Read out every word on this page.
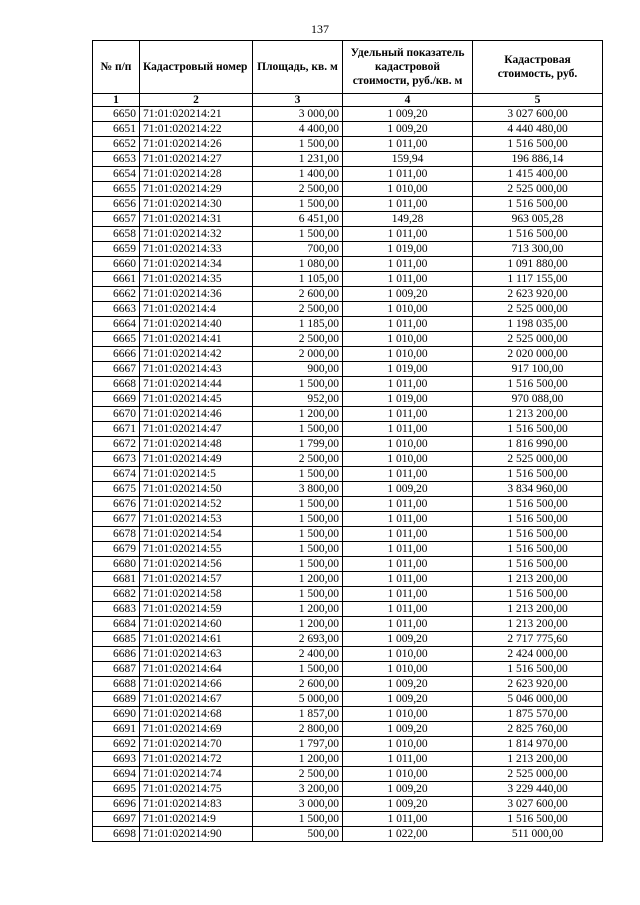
137
№ п/п	Кадастровый номер	Площадь, кв. м	Удельный показатель кадастровой стоимости, руб./кв. м	Кадастровая стоимость, руб.
1	2	3	4	5
6650	71:01:020214:21	3 000,00	1 009,20	3 027 600,00
6651	71:01:020214:22	4 400,00	1 009,20	4 440 480,00
6652	71:01:020214:26	1 500,00	1 011,00	1 516 500,00
6653	71:01:020214:27	1 231,00	159,94	196 886,14
6654	71:01:020214:28	1 400,00	1 011,00	1 415 400,00
6655	71:01:020214:29	2 500,00	1 010,00	2 525 000,00
6656	71:01:020214:30	1 500,00	1 011,00	1 516 500,00
6657	71:01:020214:31	6 451,00	149,28	963 005,28
6658	71:01:020214:32	1 500,00	1 011,00	1 516 500,00
6659	71:01:020214:33	700,00	1 019,00	713 300,00
6660	71:01:020214:34	1 080,00	1 011,00	1 091 880,00
6661	71:01:020214:35	1 105,00	1 011,00	1 117 155,00
6662	71:01:020214:36	2 600,00	1 009,20	2 623 920,00
6663	71:01:020214:4	2 500,00	1 010,00	2 525 000,00
6664	71:01:020214:40	1 185,00	1 011,00	1 198 035,00
6665	71:01:020214:41	2 500,00	1 010,00	2 525 000,00
6666	71:01:020214:42	2 000,00	1 010,00	2 020 000,00
6667	71:01:020214:43	900,00	1 019,00	917 100,00
6668	71:01:020214:44	1 500,00	1 011,00	1 516 500,00
6669	71:01:020214:45	952,00	1 019,00	970 088,00
6670	71:01:020214:46	1 200,00	1 011,00	1 213 200,00
6671	71:01:020214:47	1 500,00	1 011,00	1 516 500,00
6672	71:01:020214:48	1 799,00	1 010,00	1 816 990,00
6673	71:01:020214:49	2 500,00	1 010,00	2 525 000,00
6674	71:01:020214:5	1 500,00	1 011,00	1 516 500,00
6675	71:01:020214:50	3 800,00	1 009,20	3 834 960,00
6676	71:01:020214:52	1 500,00	1 011,00	1 516 500,00
6677	71:01:020214:53	1 500,00	1 011,00	1 516 500,00
6678	71:01:020214:54	1 500,00	1 011,00	1 516 500,00
6679	71:01:020214:55	1 500,00	1 011,00	1 516 500,00
6680	71:01:020214:56	1 500,00	1 011,00	1 516 500,00
6681	71:01:020214:57	1 200,00	1 011,00	1 213 200,00
6682	71:01:020214:58	1 500,00	1 011,00	1 516 500,00
6683	71:01:020214:59	1 200,00	1 011,00	1 213 200,00
6684	71:01:020214:60	1 200,00	1 011,00	1 213 200,00
6685	71:01:020214:61	2 693,00	1 009,20	2 717 775,60
6686	71:01:020214:63	2 400,00	1 010,00	2 424 000,00
6687	71:01:020214:64	1 500,00	1 010,00	1 516 500,00
6688	71:01:020214:66	2 600,00	1 009,20	2 623 920,00
6689	71:01:020214:67	5 000,00	1 009,20	5 046 000,00
6690	71:01:020214:68	1 857,00	1 010,00	1 875 570,00
6691	71:01:020214:69	2 800,00	1 009,20	2 825 760,00
6692	71:01:020214:70	1 797,00	1 010,00	1 814 970,00
6693	71:01:020214:72	1 200,00	1 011,00	1 213 200,00
6694	71:01:020214:74	2 500,00	1 010,00	2 525 000,00
6695	71:01:020214:75	3 200,00	1 009,20	3 229 440,00
6696	71:01:020214:83	3 000,00	1 009,20	3 027 600,00
6697	71:01:020214:9	1 500,00	1 011,00	1 516 500,00
6698	71:01:020214:90	500,00	1 022,00	511 000,00
